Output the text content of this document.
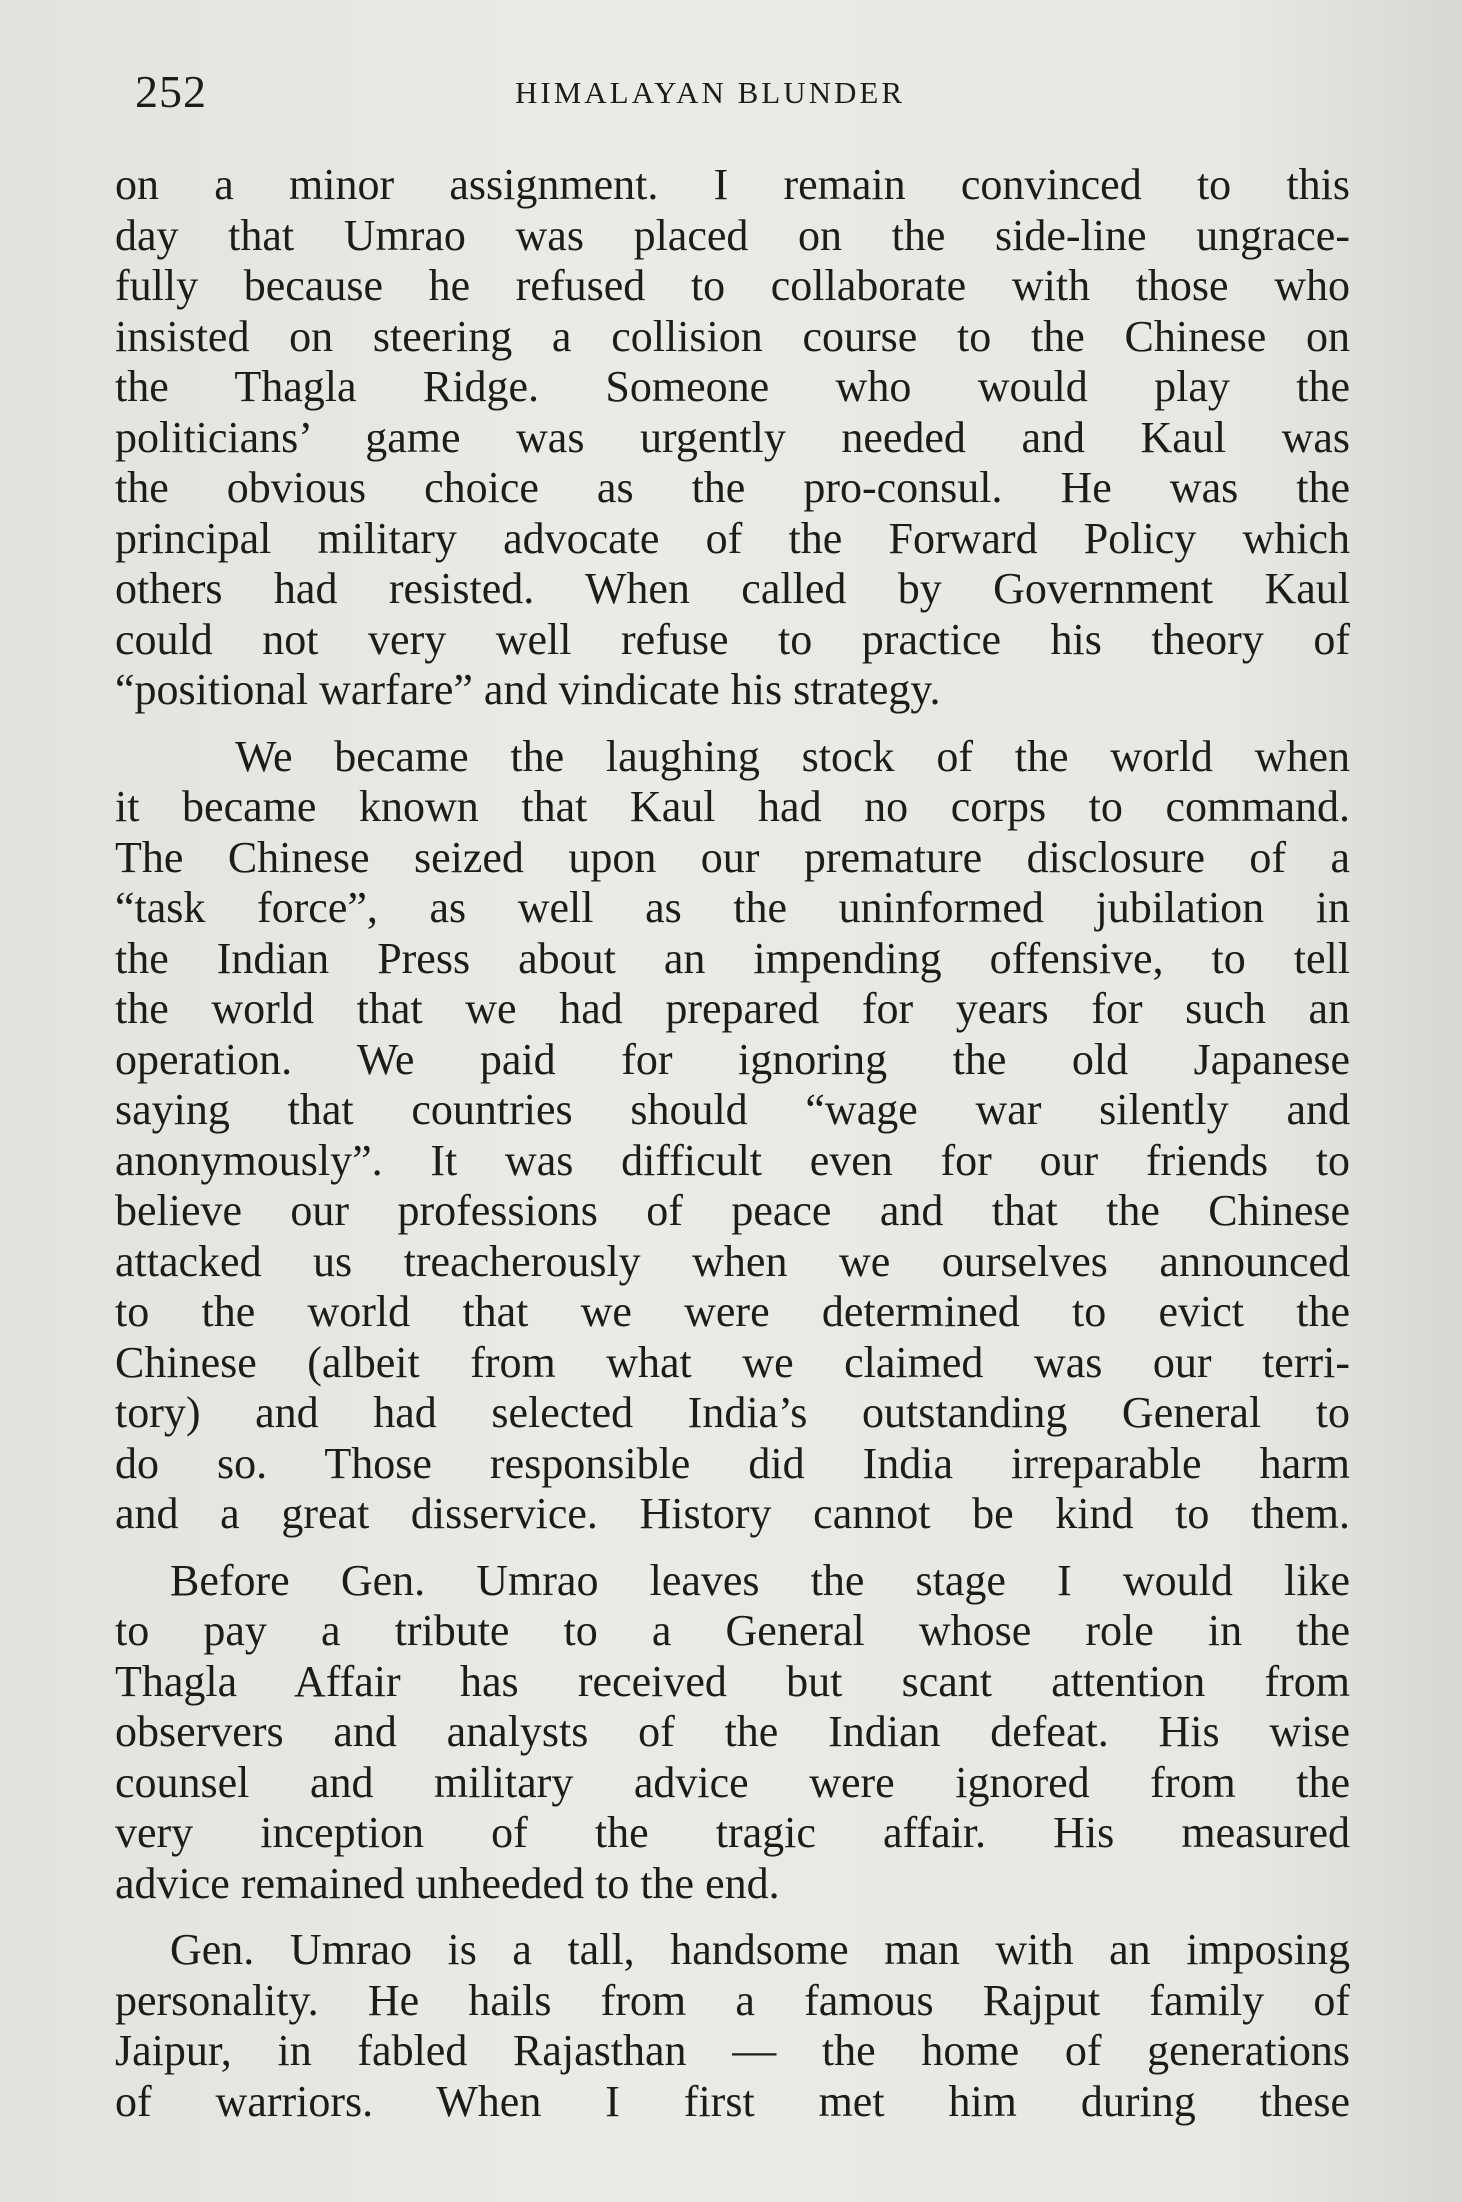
252	HIMALAYAN BLUNDER
on a minor assignment. I remain convinced to this
day that Umrao was placed on the side-line ungrace-
fully because he refused to collaborate with those who
insisted on steering a collision course to the Chinese on
the Thagla Ridge. Someone who would play the
politicians’ game was urgently needed and Kaul was
the obvious choice as the pro-consul. He was the
principal military advocate of the Forward Policy which
others had resisted. When called by Government Kaul
could not very well refuse to practice his theory of
“positional warfare” and vindicate his strategy.
We became the laughing stock of the world when
it became known that Kaul had no corps to command.
The Chinese seized upon our premature disclosure of a
“task force”, as well as the uninformed jubilation in
the Indian Press about an impending offensive, to tell
the world that we had prepared for years for such an
operation. We paid for ignoring the old Japanese
saying that countries should “wage war silently and
anonymously”. It was difficult even for our friends to
believe our professions of peace and that the Chinese
attacked us treacherously when we ourselves announced
to the world that we were determined to evict the
Chinese (albeit from what we claimed was our terri-
tory) and had selected India’s outstanding General to
do so. Those responsible did India irreparable harm
and a great disservice. History cannot be kind to them.
Before Gen. Umrao leaves the stage I would like
to pay a tribute to a General whose role in the
Thagla Affair has received but scant attention from
observers and analysts of the Indian defeat. His wise
counsel and military advice were ignored from the
very inception of the tragic affair. His measured
advice remained unheeded to the end.
Gen. Umrao is a tall, handsome man with an imposing
personality. He hails from a famous Rajput family of
Jaipur, in fabled Rajasthan — the home of generations
of warriors. When I first met him during these
